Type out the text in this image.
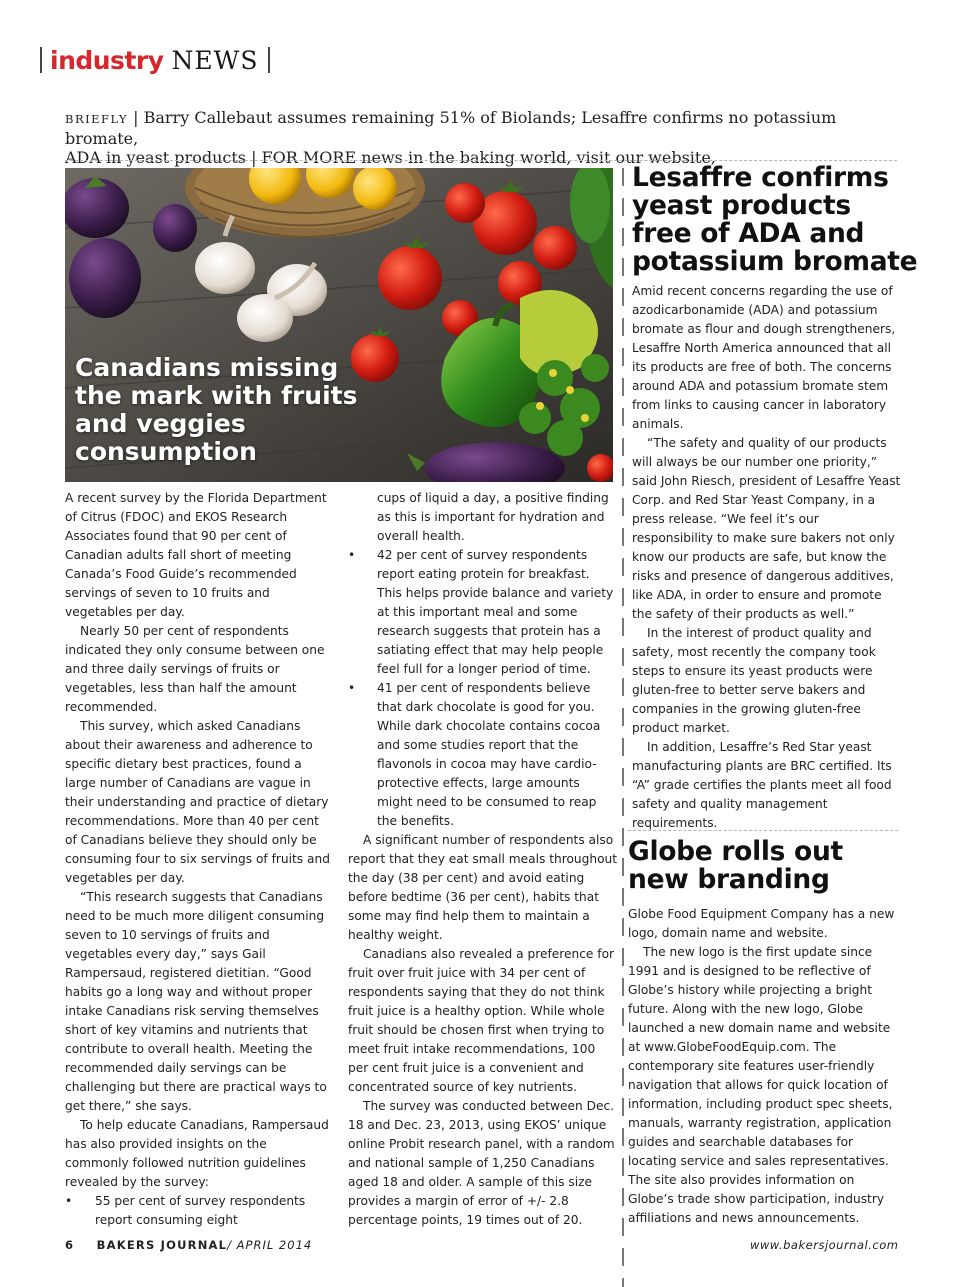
industry NEWS
BRIEFLY | Barry Callebaut assumes remaining 51% of Biolands; Lesaffre confirms no potassium bromate,
ADA in yeast products | FOR MORE news in the baking world, visit our website,
Canadians missing
the mark with fruits
and veggies
consumption

A recent survey by the Florida Department of Citrus (FDOC) and EKOS Research Associates found that 90 per cent of Canadian adults fall short of meeting Canada’s Food Guide’s recommended servings of seven to 10 fruits and vegetables per day.

Nearly 50 per cent of respondents indicated they only consume between one and three daily servings of fruits or vegetables, less than half the amount recommended.

This survey, which asked Canadians about their awareness and adherence to specific dietary best practices, found a large number of Canadians are vague in their understanding and practice of dietary recommendations. More than 40 per cent of Canadians believe they should only be consuming four to six servings of fruits and vegetables per day.

“This research suggests that Canadians need to be much more diligent consuming seven to 10 servings of fruits and vegetables every day,” says Gail Rampersaud, registered dietitian. “Good habits go a long way and without proper intake Canadians risk serving themselves short of key vitamins and nutrients that contribute to overall health. Meeting the recommended daily servings can be challenging but there are practical ways to get there,” she says.

To help educate Canadians, Rampersaud has also provided insights on the commonly followed nutrition guidelines revealed by the survey:

• 55 per cent of survey respondents report consuming eight

cups of liquid a day, a positive finding as this is important for hydration and overall health.

• 42 per cent of survey respondents report eating protein for breakfast. This helps provide balance and variety at this important meal and some research suggests that protein has a satiating effect that may help people feel full for a longer period of time.
• 41 per cent of respondents believe that dark chocolate is good for you. While dark chocolate contains cocoa and some studies report that the flavonols in cocoa may have cardio-protective effects, large amounts might need to be consumed to reap the benefits.

A significant number of respondents also report that they eat small meals throughout the day (38 per cent) and avoid eating before bedtime (36 per cent), habits that some may find help them to maintain a healthy weight.

Canadians also revealed a preference for fruit over fruit juice with 34 per cent of respondents saying that they do not think fruit juice is a healthy option. While whole fruit should be chosen first when trying to meet fruit intake recommendations, 100 per cent fruit juice is a convenient and concentrated source of key nutrients.

The survey was conducted between Dec. 18 and Dec. 23, 2013, using EKOS’ unique online Probit research panel, with a random and national sample of 1,250 Canadians aged 18 and older. A sample of this size provides a margin of error of +/- 2.8 percentage points, 19 times out of 20.

Lesaffre confirms
yeast products
free of ADA and
potassium bromate

Amid recent concerns regarding the use of azodicarbonamide (ADA) and potassium bromate as flour and dough strengtheners, Lesaffre North America announced that all its products are free of both. The concerns around ADA and potassium bromate stem from links to causing cancer in laboratory animals.

“The safety and quality of our products will always be our number one priority,” said John Riesch, president of Lesaffre Yeast Corp. and Red Star Yeast Company, in a press release. “We feel it’s our responsibility to make sure bakers not only know our products are safe, but know the risks and presence of dangerous additives, like ADA, in order to ensure and promote the safety of their products as well.”

In the interest of product quality and safety, most recently the company took steps to ensure its yeast products were gluten-free to better serve bakers and companies in the growing gluten-free product market.

In addition, Lesaffre’s Red Star yeast manufacturing plants are BRC certified. Its “A” grade certifies the plants meet all food safety and quality management requirements.

Globe rolls out
new branding

Globe Food Equipment Company has a new logo, domain name and website.

The new logo is the first update since 1991 and is designed to be reflective of Globe’s history while projecting a bright future. Along with the new logo, Globe launched a new domain name and website at www.GlobeFoodEquip.com. The contemporary site features user-friendly navigation that allows for quick location of information, including product spec sheets, manuals, warranty registration, application guides and searchable databases for locating service and sales representatives. The site also provides information on Globe’s trade show participation, industry affiliations and news announcements.

6 BAKERS JOURNAL/ APRIL 2014	www.bakersjournal.com
